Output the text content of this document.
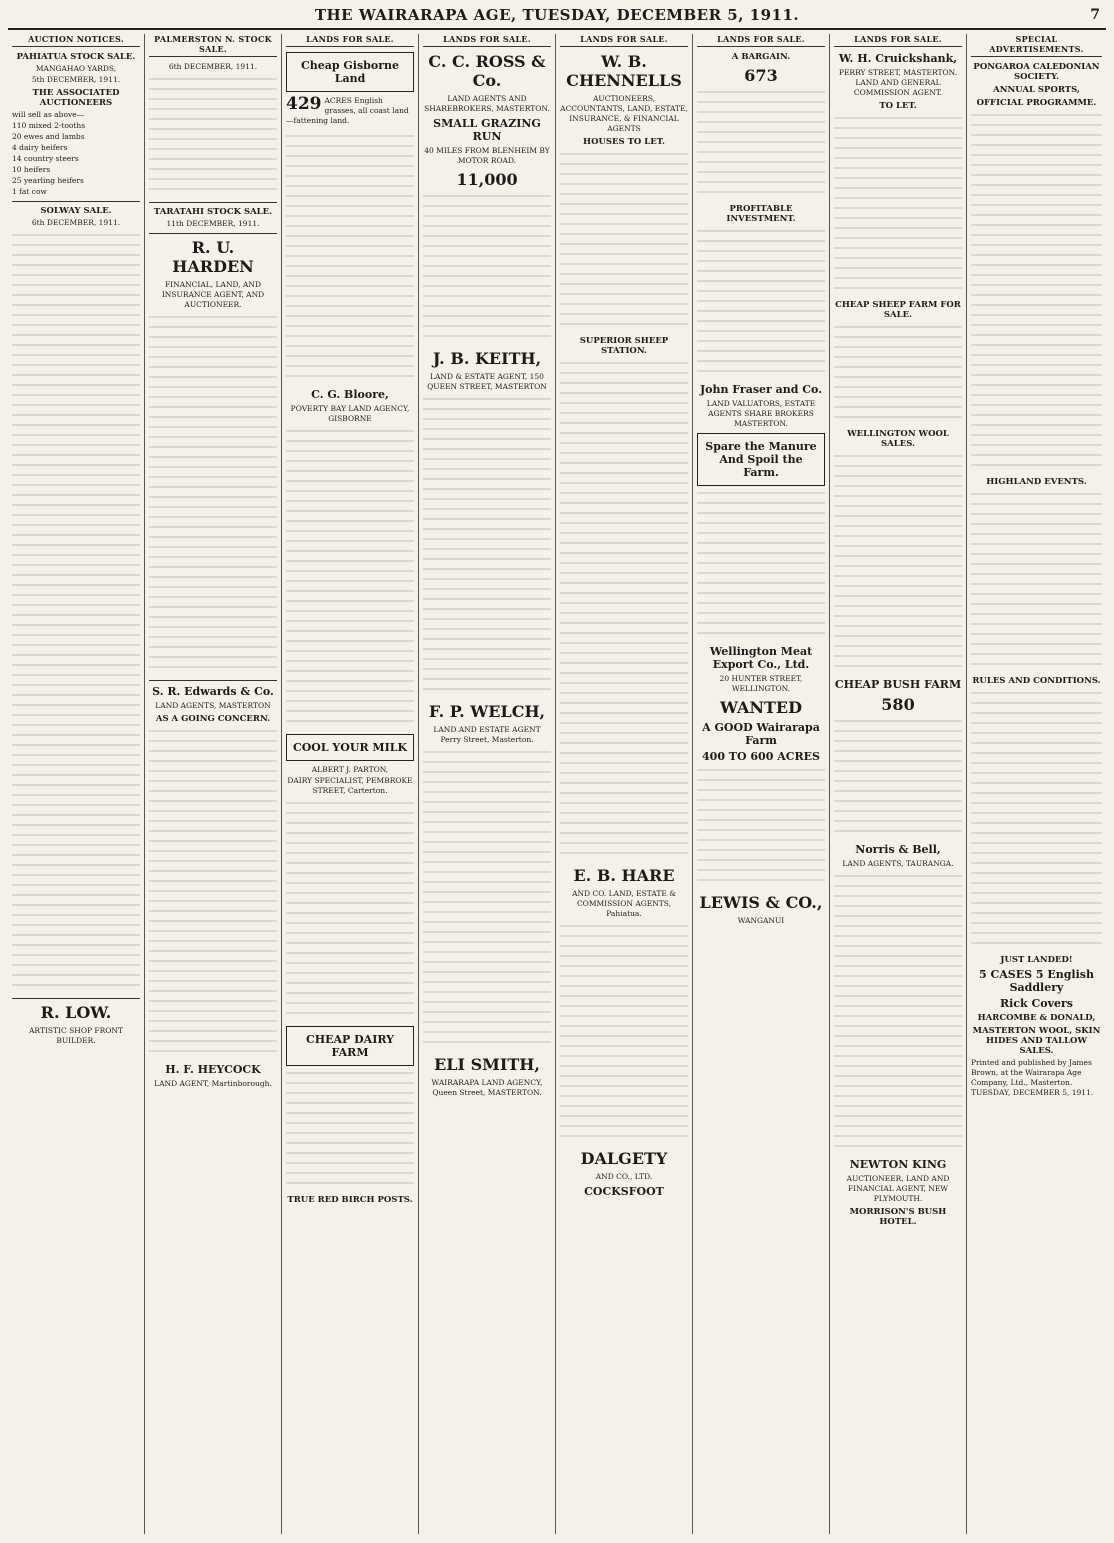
THE WAIRARAPA AGE, TUESDAY, DECEMBER 5, 1911.	7
AUCTION NOTICES.
PAHIATUA STOCK SALE.
MANGAHAO YARDS,
5th DECEMBER, 1911.
THE ASSOCIATED AUCTIONEERS
will sell as above—
110 mixed 2-tooths
20 ewes and lambs
4 dairy heifers
14 country steers
10 heifers
25 yearling heifers
1 fat cow
SOLWAY SALE.
6th DECEMBER, 1911.
R. LOW.
ARTISTIC SHOP FRONT BUILDER.
PALMERSTON N. STOCK SALE.
6th DECEMBER, 1911.
TARATAHI STOCK SALE.
11th DECEMBER, 1911.
R. U. HARDEN
FINANCIAL, LAND, AND INSURANCE AGENT, AND AUCTIONEER.
S. R. Edwards & Co.
LAND AGENTS, MASTERTON
AS A GOING CONCERN.
H. F. HEYCOCK
LAND AGENT, Martinborough.
LANDS FOR SALE.
Cheap Gisborne Land
429 ACRES English grasses, all coast land—fattening land.
C. G. Bloore,
POVERTY BAY LAND AGENCY, GISBORNE
COOL YOUR MILK
ALBERT J. PARTON,
DAIRY SPECIALIST, PEMBROKE STREET, Carterton.
CHEAP DAIRY FARM
TRUE RED BIRCH POSTS.
LANDS FOR SALE.
C. C. ROSS & Co.
LAND AGENTS AND SHAREBROKERS, MASTERTON.
SMALL GRAZING RUN
40 MILES FROM BLENHEIM BY MOTOR ROAD.
11,000
J. B. KEITH,
LAND & ESTATE AGENT, 150 QUEEN STREET, MASTERTON
F. P. WELCH,
LAND AND ESTATE AGENT Perry Street, Masterton.
ELI SMITH,
WAIRARAPA LAND AGENCY, Queen Street, MASTERTON.
LANDS FOR SALE.
W. B. CHENNELLS
AUCTIONEERS, ACCOUNTANTS, LAND, ESTATE, INSURANCE, & FINANCIAL AGENTS
HOUSES TO LET.
SUPERIOR SHEEP STATION.
E. B. HARE
AND CO. LAND, ESTATE & COMMISSION AGENTS, Pahiatua.
DALGETY
AND CO., LTD.
COCKSFOOT
LANDS FOR SALE.
A BARGAIN.
673
PROFITABLE INVESTMENT.
John Fraser and Co.
LAND VALUATORS, ESTATE AGENTS SHARE BROKERS MASTERTON.
Spare the Manure And Spoil the Farm.
Wellington Meat Export Co., Ltd.
20 HUNTER STREET, WELLINGTON.
WANTED
A GOOD Wairarapa Farm
400 TO 600 ACRES
LEWIS & CO.,
WANGANUI
LANDS FOR SALE.
W. H. Cruickshank,
PERRY STREET, MASTERTON. LAND AND GENERAL COMMISSION AGENT.
TO LET.
CHEAP SHEEP FARM FOR SALE.
WELLINGTON WOOL SALES.
CHEAP BUSH FARM
580
Norris & Bell,
LAND AGENTS, TAURANGA.
NEWTON KING
AUCTIONEER, LAND AND FINANCIAL AGENT, NEW PLYMOUTH.
MORRISON'S BUSH HOTEL.
SPECIAL ADVERTISEMENTS.
PONGAROA CALEDONIAN SOCIETY.
ANNUAL SPORTS,
OFFICIAL PROGRAMME.
HIGHLAND EVENTS.
RULES AND CONDITIONS.
JUST LANDED!
5 CASES 5 English Saddlery
Rick Covers
HARCOMBE & DONALD,
MASTERTON WOOL, SKIN HIDES AND TALLOW SALES.
Printed and published by James Brown, at the Wairarapa Age Company, Ltd., Masterton. TUESDAY, DECEMBER 5, 1911.
